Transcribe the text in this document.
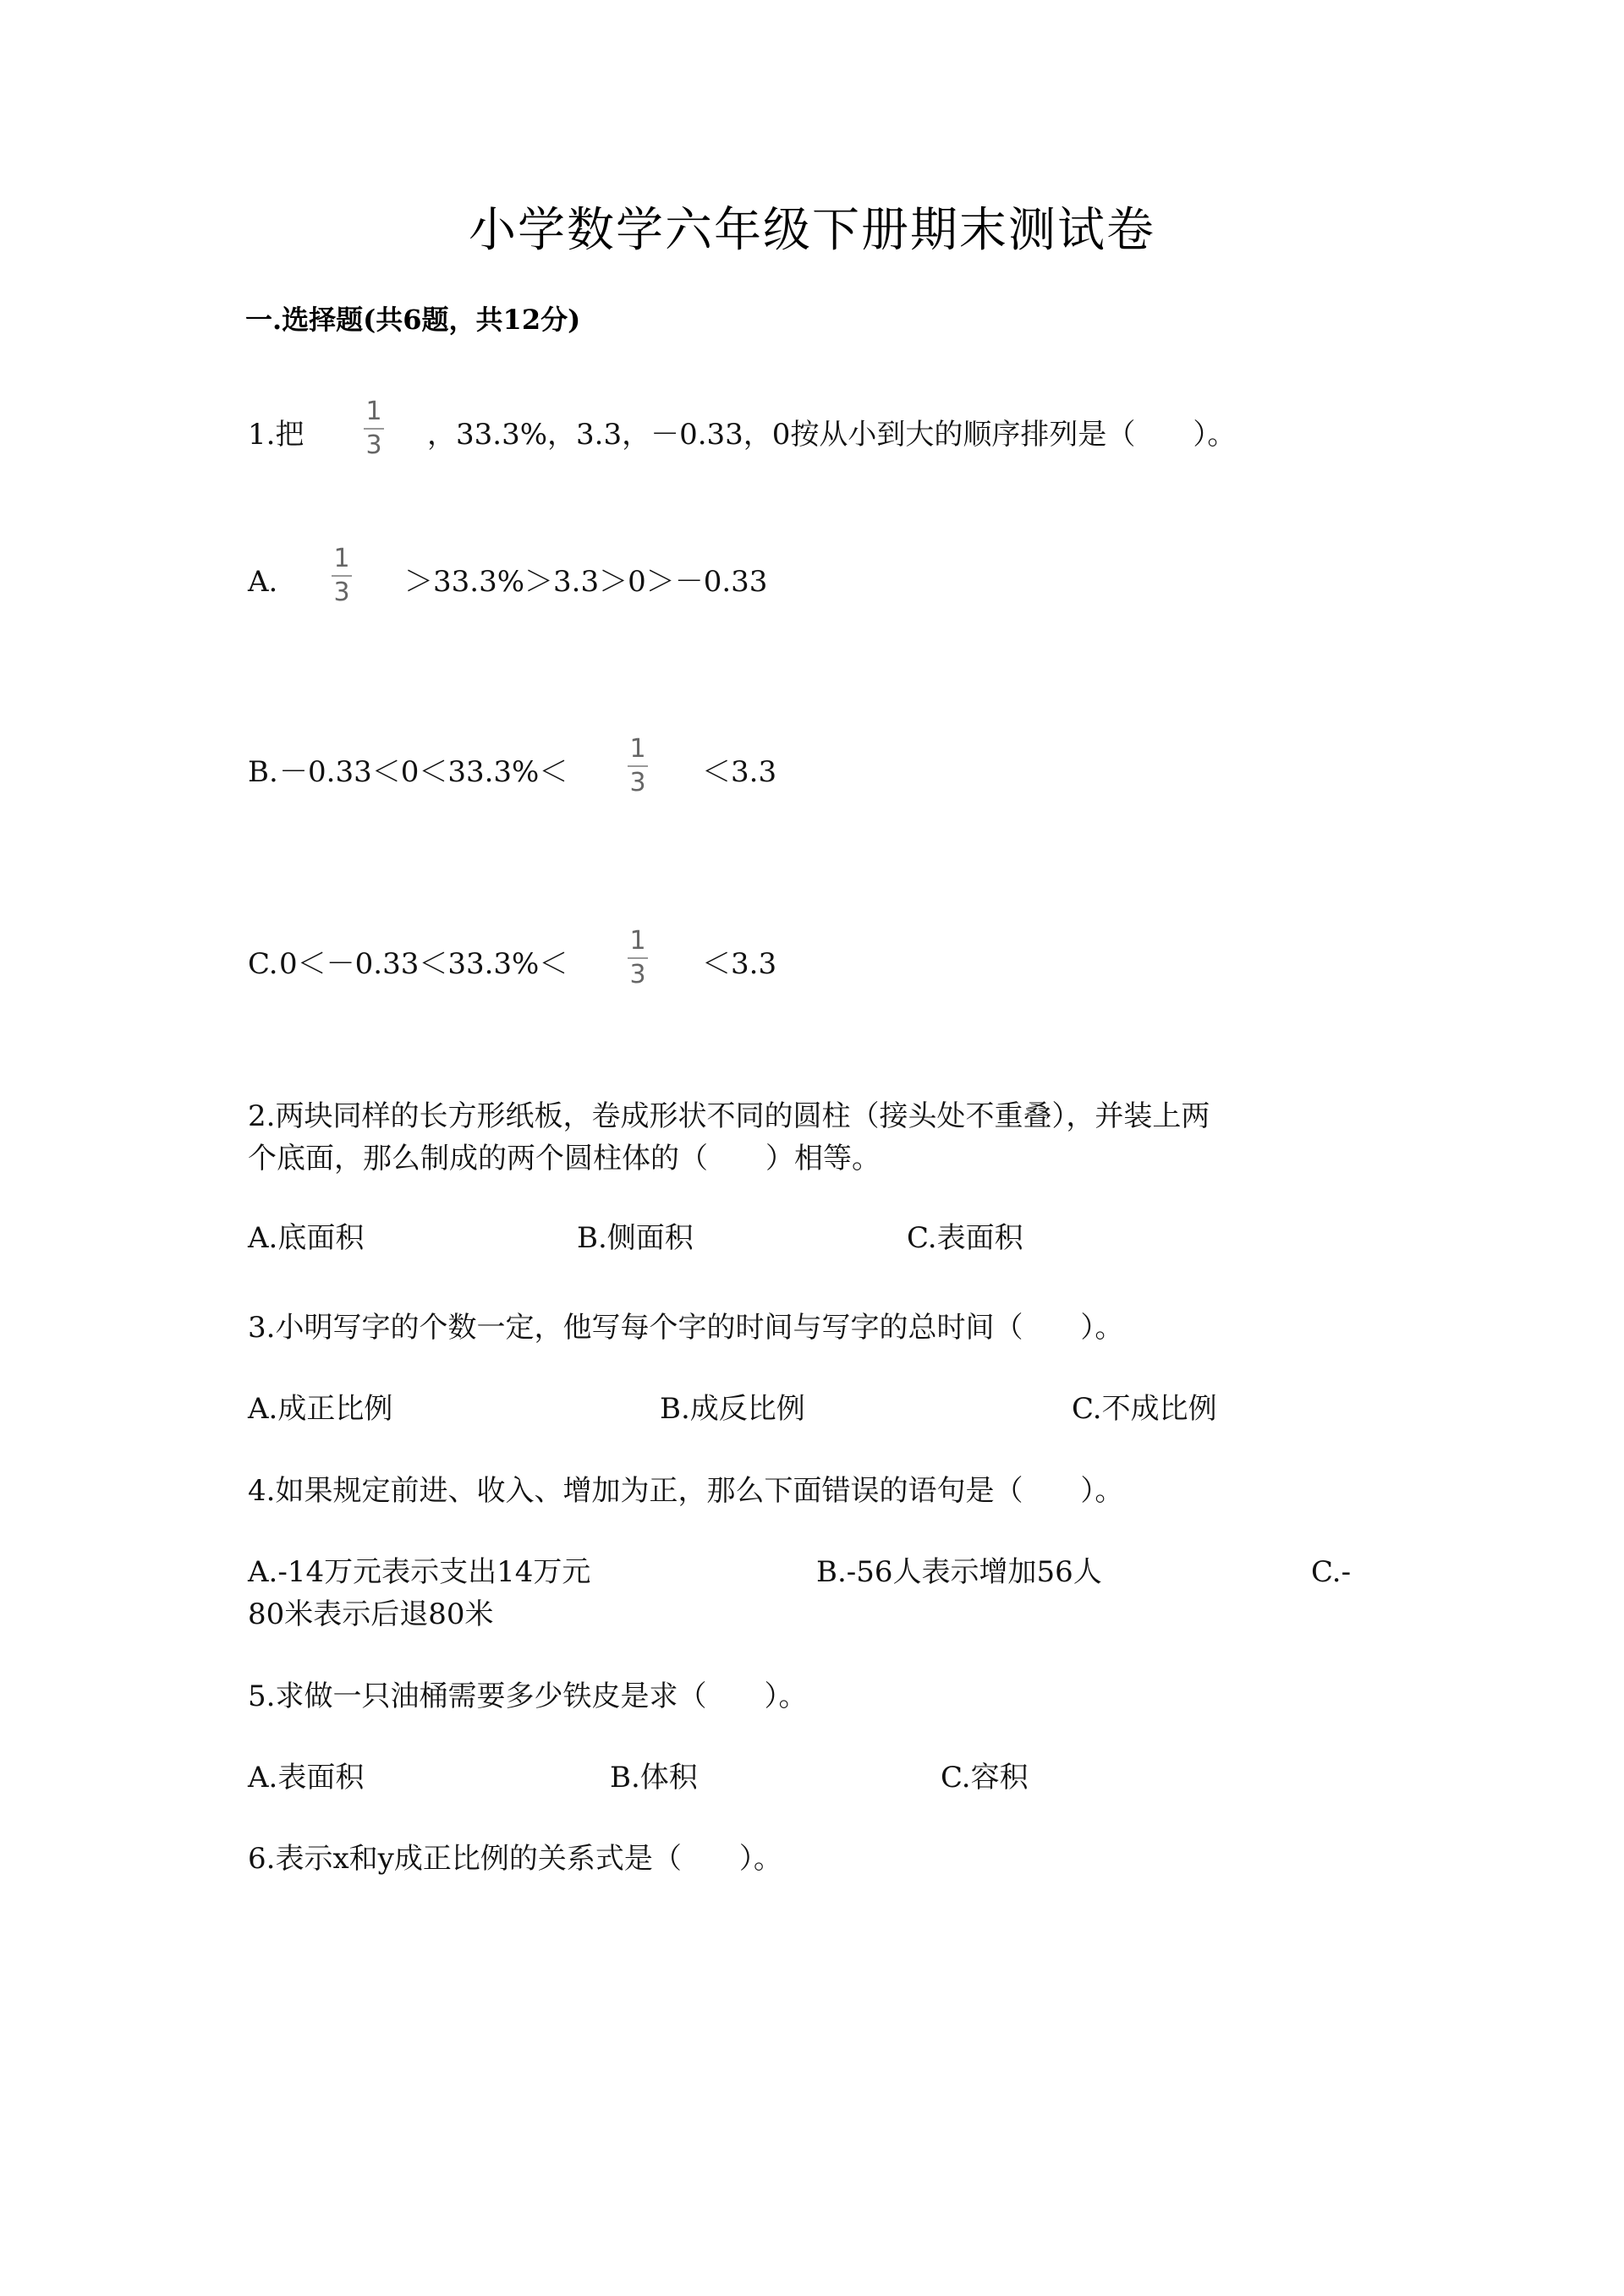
小学数学六年级下册期末测试卷
一.选择题(共6题，共12分)
1.把
1
3 ，33.3%，3.3，－0.33，0按从小到大的顺序排列是（　　）。
A.
1
3 ＞33.3%＞3.3＞0＞－0.33
B. －0.33＜0＜33.3%＜
1
3 ＜3.3
C. 0＜－0.33＜33.3%＜
1
3 ＜3.3
2.两块同样的长方形纸板，卷成形状不同的圆柱（接头处不重叠），并装上两
个底面，那么制成的两个圆柱体的（　　）相等。
A.底面积	B.侧面积	C.表面积
3.小明写字的个数一定，他写每个字的时间与写字的总时间（　　）。
A.成正比例	B.成反比例	C.不成比例
4.如果规定前进、收入、增加为正，那么下面错误的语句是（　　）。
A.-14万元表示支出14万元	B.-56人表示增加56人	C.-
80米表示后退80米
5.求做一只油桶需要多少铁皮是求（　　）。
A.表面积	B.体积	C.容积
6.表示x和y成正比例的关系式是（　　）。
